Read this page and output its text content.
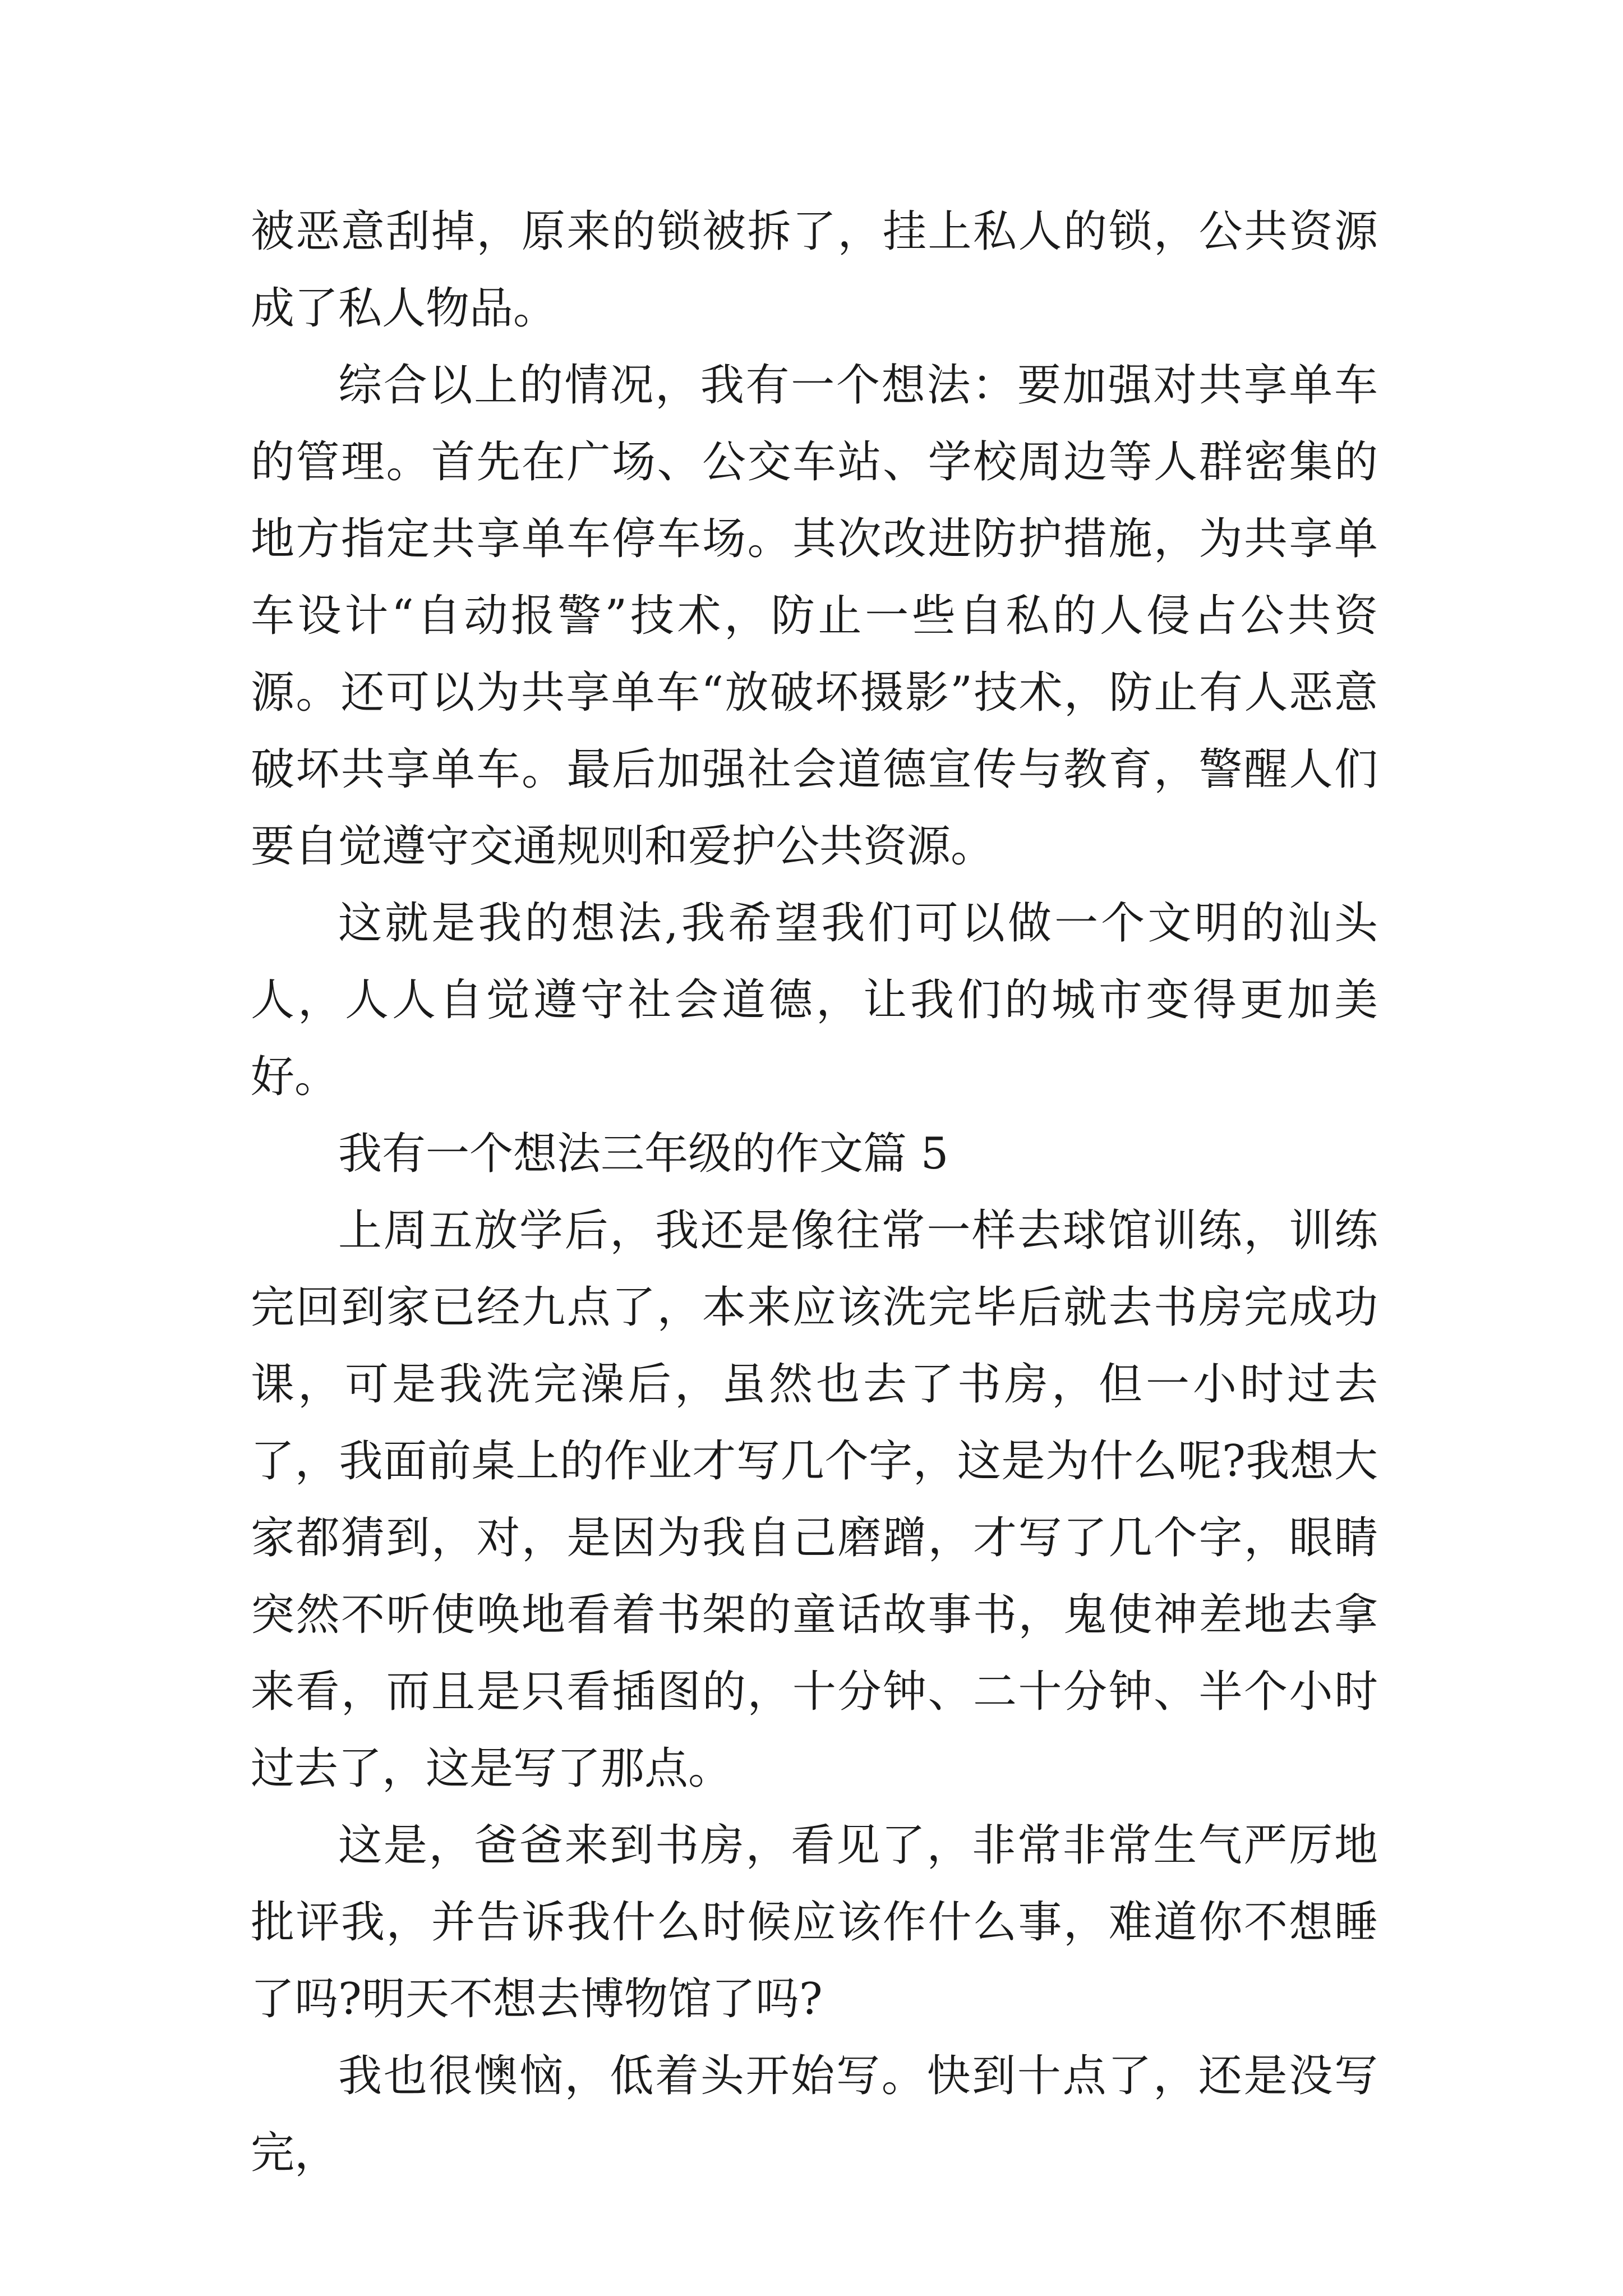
被恶意刮掉，原来的锁被拆了，挂上私人的锁，公共资源成了私人物品。

综合以上的情况，我有一个想法：要加强对共享单车的管理。首先在广场、公交车站、学校周边等人群密集的地方指定共享单车停车场。其次改进防护措施，为共享单车设计“自动报警”技术，防止一些自私的人侵占公共资源。还可以为共享单车“放破坏摄影”技术，防止有人恶意破坏共享单车。最后加强社会道德宣传与教育，警醒人们要自觉遵守交通规则和爱护公共资源。

这就是我的想法,我希望我们可以做一个文明的汕头人，人人自觉遵守社会道德，让我们的城市变得更加美好。

我有一个想法三年级的作文篇 5

上周五放学后，我还是像往常一样去球馆训练，训练完回到家已经九点了，本来应该洗完毕后就去书房完成功课，可是我洗完澡后，虽然也去了书房，但一小时过去了，我面前桌上的作业才写几个字，这是为什么呢?我想大家都猜到，对，是因为我自己磨蹭，才写了几个字，眼睛突然不听使唤地看着书架的童话故事书，鬼使神差地去拿来看，而且是只看插图的，十分钟、二十分钟、半个小时过去了，这是写了那点。

这是，爸爸来到书房，看见了，非常非常生气严厉地批评我，并告诉我什么时候应该作什么事，难道你不想睡了吗?明天不想去博物馆了吗?

我也很懊恼，低着头开始写。快到十点了，还是没写完，
